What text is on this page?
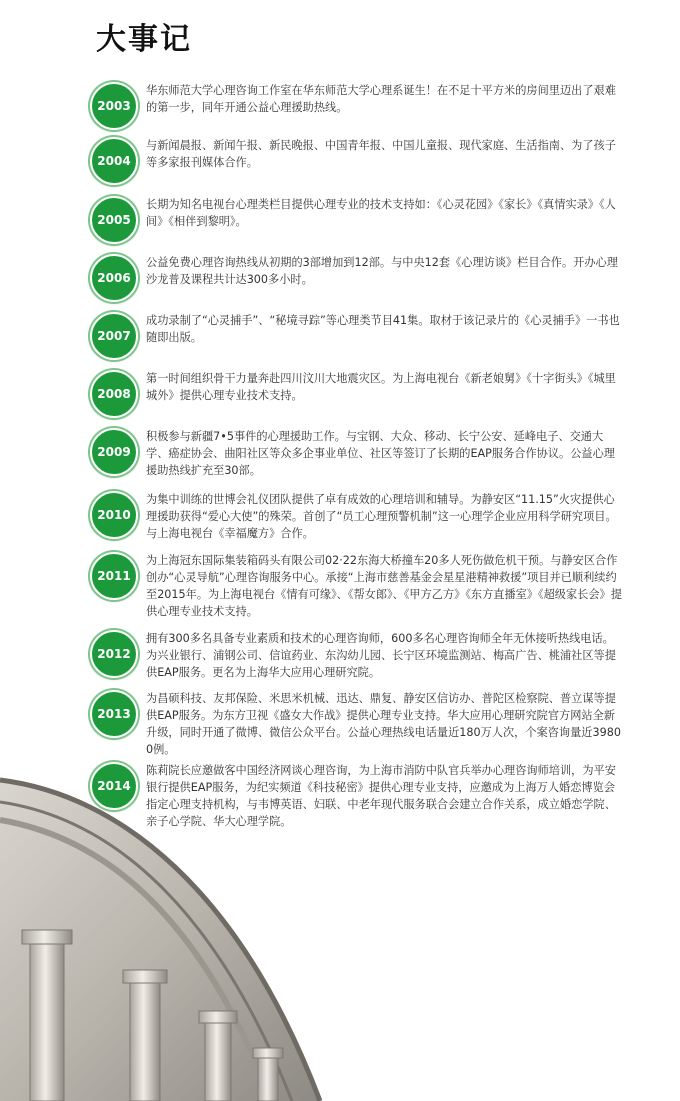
大事记
2003
华东师范大学心理咨询工作室在华东师范大学心理系诞生！在不足十平方米的房间里迈出了艰难的第一步，同年开通公益心理援助热线。
2004
与新闻晨报、新闻午报、新民晚报、中国青年报、中国儿童报、现代家庭、生活指南、为了孩子等多家报刊媒体合作。
2005
长期为知名电视台心理类栏目提供心理专业的技术支持如：《心灵花园》《家长》《真情实录》《人间》《相伴到黎明》。
2006
公益免费心理咨询热线从初期的3部增加到12部。与中央12套《心理访谈》栏目合作。开办心理沙龙普及课程共计达300多小时。
2007
成功录制了“心灵捕手”、“秘境寻踪”等心理类节目41集。取材于该记录片的《心灵捕手》一书也随即出版。
2008
第一时间组织骨干力量奔赴四川汶川大地震灾区。为上海电视台《新老娘舅》《十字街头》《城里城外》提供心理专业技术支持。
2009
积极参与新疆7•5事件的心理援助工作。与宝钢、大众、移动、长宁公安、延峰电子、交通大学、癌症协会、曲阳社区等众多企事业单位、社区等签订了长期的EAP服务合作协议。公益心理援助热线扩充至30部。
2010
为集中训练的世博会礼仪团队提供了卓有成效的心理培训和辅导。为静安区“11.15”火灾提供心理援助获得“爱心大使”的殊荣。首创了“员工心理预警机制”这一心理学企业应用科学研究项目。与上海电视台《幸福魔方》合作。
2011
为上海冠东国际集装箱码头有限公司02·22东海大桥撞车20多人死伤做危机干预。与静安区合作创办“心灵导航”心理咨询服务中心。承接“上海市慈善基金会星星港精神救援”项目并已顺利续约至2015年。为上海电视台《情有可缘》、《帮女郎》、《甲方乙方》《东方直播室》《超级家长会》提供心理专业技术支持。
2012
拥有300多名具备专业素质和技术的心理咨询师，600多名心理咨询师全年无休接听热线电话。为兴业银行、浦钢公司、信谊药业、东沟幼儿园、长宁区环境监测站、梅高广告、桃浦社区等提供EAP服务。更名为上海华大应用心理研究院。
2013
为昌硕科技、友邦保险、米思米机械、迅达、鼎复、静安区信访办、普陀区检察院、普立谋等提供EAP服务。为东方卫视《盛女大作战》提供心理专业支持。华大应用心理研究院官方网站全新升级，同时开通了微博、微信公众平台。公益心理热线电话量近180万人次，个案咨询量近39800例。
2014
陈莉院长应邀做客中国经济网谈心理咨询，为上海市消防中队官兵举办心理咨询师培训，为平安银行提供EAP服务，为纪实频道《科技秘密》提供心理专业支持，应邀成为上海万人婚恋博览会指定心理支持机构，与韦博英语、妇联、中老年现代服务联合会建立合作关系，成立婚恋学院、亲子心学院、华大心理学院。
